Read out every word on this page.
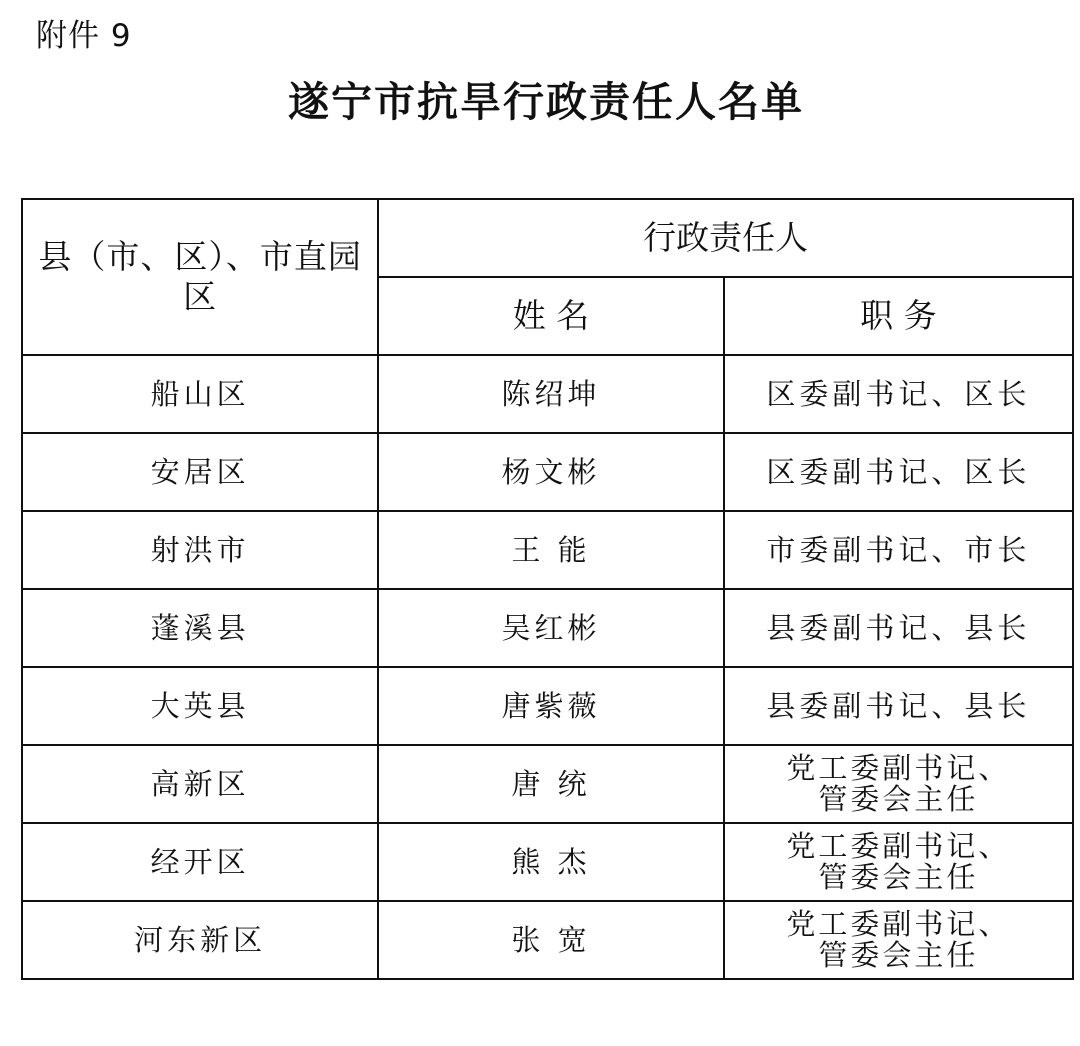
附件 9
遂宁市抗旱行政责任人名单
县（市、区）、市直园区	行政责任人	
	姓 名	职 务
船山区	陈绍坤	区委副书记、区长
安居区	杨文彬	区委副书记、区长
射洪市	王 能	市委副书记、市长
蓬溪县	吴红彬	县委副书记、县长
大英县	唐紫薇	县委副书记、县长
高新区	唐 统	党工委副书记、
管委会主任

经开区	熊 杰	党工委副书记、
管委会主任

河东新区	张 宽	党工委副书记、
管委会主任
